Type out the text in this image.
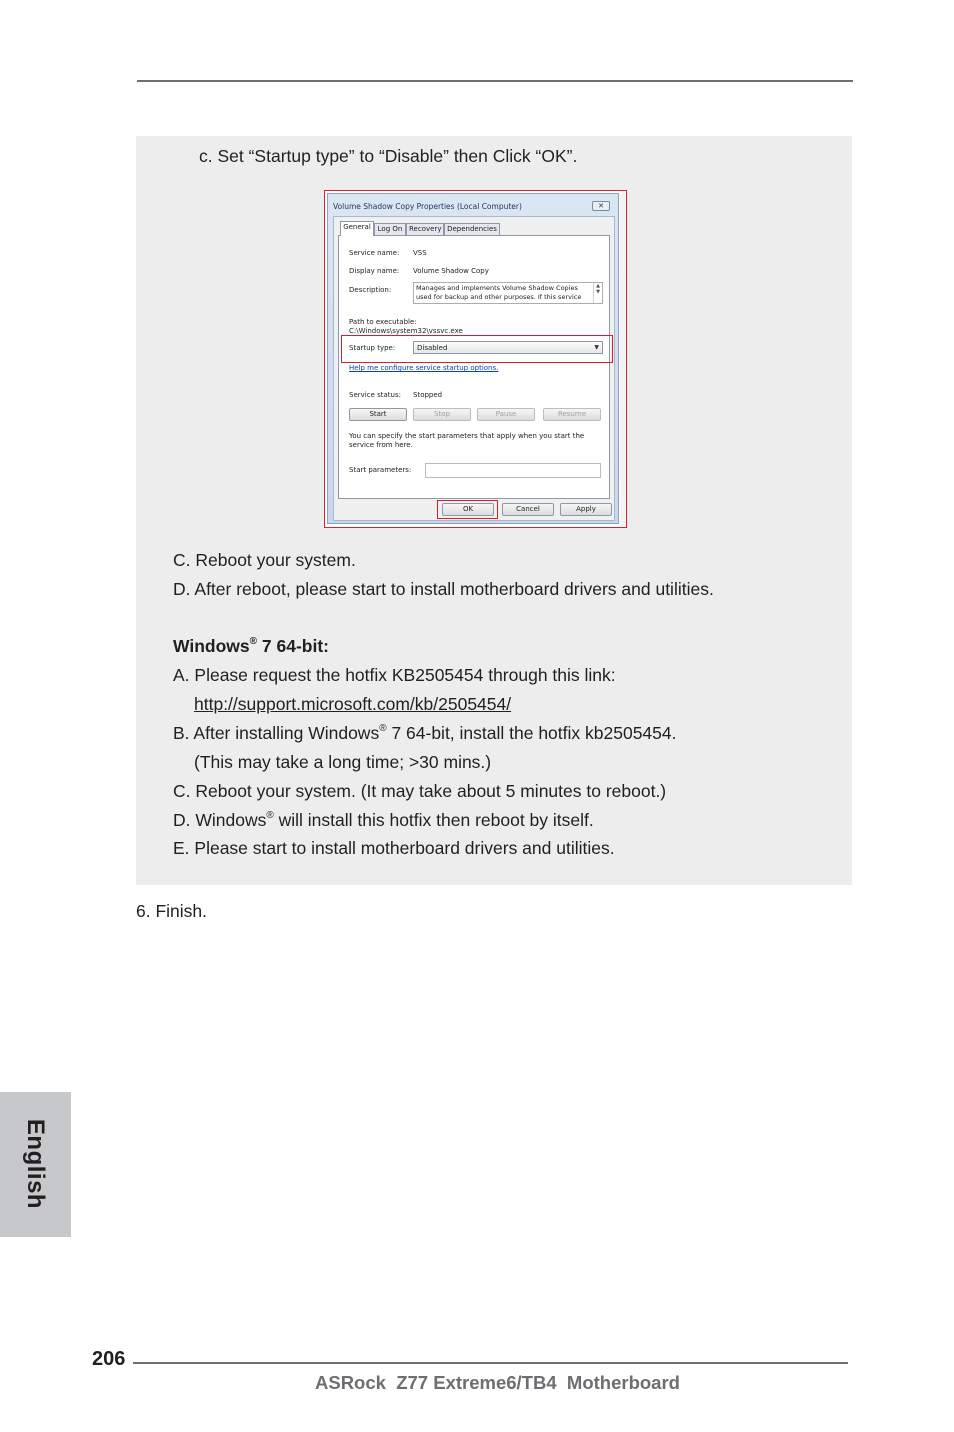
c. Set “Startup type” to “Disable” then Click “OK”.
Volume Shadow Copy Properties (Local Computer)	✕
General Log On Recovery Dependencies
Service name: VSS
Display name: Volume Shadow Copy
Description:	Manages and implements Volume Shadow Copies used for backup and other purposes. If this service
▲
▼
Path to executable:
C:\Windows\system32\vssvc.exe
Startup type:	Disabled	▼
Help me configure service startup options.
Service status: Stopped
Start	Stop	Pause	Resume
You can specify the start parameters that apply when you start the service from here.
Start parameters:
OK	Cancel	Apply
C. Reboot your system.
D. After reboot, please start to install motherboard drivers and utilities.
Windows® 7 64-bit:
A. Please request the hotfix KB2505454 through this link:
http://support.microsoft.com/kb/2505454/
B. After installing Windows® 7 64-bit, install the hotfix kb2505454.
(This may take a long time; >30 mins.)
C. Reboot your system. (It may take about 5 minutes to reboot.)
D. Windows® will install this hotfix then reboot by itself.
E. Please start to install motherboard drivers and utilities.
6. Finish.
English
206
ASRock  Z77 Extreme6/TB4  Motherboard
